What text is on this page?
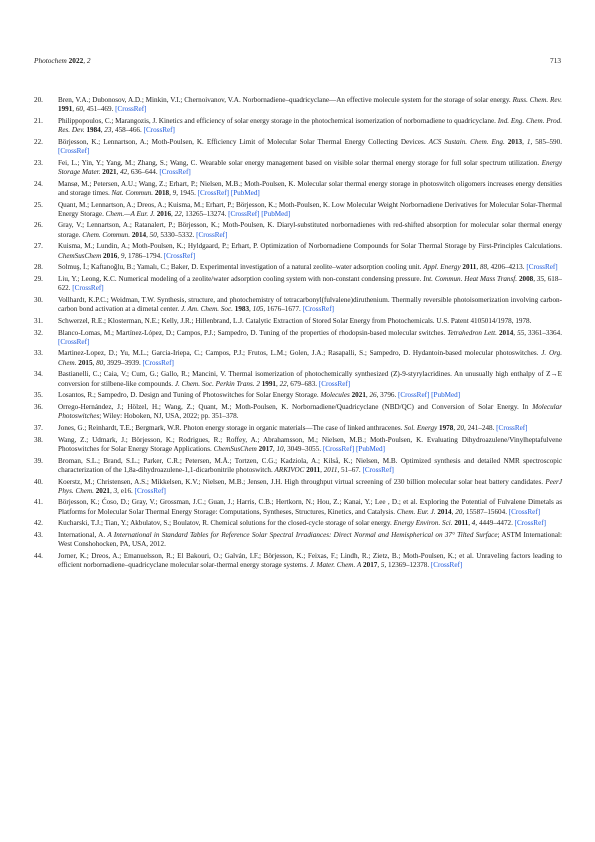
Photochem 2022, 2	713
20. Bren, V.A.; Dubonosov, A.D.; Minkin, V.I.; Chernoivanov, V.A. Norbornadiene–quadricyclane—An effective molecule system for the storage of solar energy. Russ. Chem. Rev. 1991, 60, 451–469. [CrossRef]
21. Philippopoulos, C.; Marangozis, J. Kinetics and efficiency of solar energy storage in the photochemical isomerization of norbornadiene to quadricyclane. Ind. Eng. Chem. Prod. Res. Dev. 1984, 23, 458–466. [CrossRef]
22. Börjesson, K.; Lennartson, A.; Moth-Poulsen, K. Efficiency Limit of Molecular Solar Thermal Energy Collecting Devices. ACS Sustain. Chem. Eng. 2013, 1, 585–590. [CrossRef]
23. Fei, L.; Yin, Y.; Yang, M.; Zhang, S.; Wang, C. Wearable solar energy management based on visible solar thermal energy storage for full solar spectrum utilization. Energy Storage Mater. 2021, 42, 636–644. [CrossRef]
24. Mansø, M.; Petersen, A.U.; Wang, Z.; Erhart, P.; Nielsen, M.B.; Moth-Poulsen, K. Molecular solar thermal energy storage in photoswitch oligomers increases energy densities and storage times. Nat. Commun. 2018, 9, 1945. [CrossRef] [PubMed]
25. Quant, M.; Lennartson, A.; Dreos, A.; Kuisma, M.; Erhart, P.; Börjesson, K.; Moth-Poulsen, K. Low Molecular Weight Norbornadiene Derivatives for Molecular Solar-Thermal Energy Storage. Chem.—A Eur. J. 2016, 22, 13265–13274. [CrossRef] [PubMed]
26. Gray, V.; Lennartson, A.; Ratanalert, P.; Börjesson, K.; Moth-Poulsen, K. Diaryl-substituted norbornadienes with red-shifted absorption for molecular solar thermal energy storage. Chem. Commun. 2014, 50, 5330–5332. [CrossRef]
27. Kuisma, M.; Lundin, A.; Moth-Poulsen, K.; Hyldgaard, P.; Erhart, P. Optimization of Norbornadiene Compounds for Solar Thermal Storage by First-Principles Calculations. ChemSusChem 2016, 9, 1786–1794. [CrossRef]
28. Solmuş, İ.; Kaftanoğlu, B.; Yamalı, C.; Baker, D. Experimental investigation of a natural zeolite–water adsorption cooling unit. Appl. Energy 2011, 88, 4206–4213. [CrossRef]
29. Liu, Y.; Leong, K.C. Numerical modeling of a zeolite/water adsorption cooling system with non-constant condensing pressure. Int. Commun. Heat Mass Transf. 2008, 35, 618–622. [CrossRef]
30. Vollhardt, K.P.C.; Weidman, T.W. Synthesis, structure, and photochemistry of tetracarbonyl(fulvalene)diruthenium. Thermally reversible photoisomerization involving carbon-carbon bond activation at a dimetal center. J. Am. Chem. Soc. 1983, 105, 1676–1677. [CrossRef]
31. Schwerzel, R.E.; Klosterman, N.E.; Kelly, J.R.; Hillenbrand, L.J. Catalytic Extraction of Stored Solar Energy from Photochemicals. U.S. Patent 4105014/1978, 1978.
32. Blanco-Lomas, M.; Martínez-López, D.; Campos, P.J.; Sampedro, D. Tuning of the properties of rhodopsin-based molecular switches. Tetrahedron Lett. 2014, 55, 3361–3364. [CrossRef]
33. Martinez-Lopez, D.; Yu, M.L.; Garcia-Iriepa, C.; Campos, P.J.; Frutos, L.M.; Golen, J.A.; Rasapalli, S.; Sampedro, D. Hydantoin-based molecular photoswitches. J. Org. Chem. 2015, 80, 3929–3939. [CrossRef]
34. Bastianelli, C.; Caia, V.; Cum, G.; Gallo, R.; Mancini, V. Thermal isomerization of photochemically synthesized (Z)-9-styrylacridines. An unusually high enthalpy of Z→E conversion for stilbene-like compounds. J. Chem. Soc. Perkin Trans. 2 1991, 22, 679–683. [CrossRef]
35. Losantos, R.; Sampedro, D. Design and Tuning of Photoswitches for Solar Energy Storage. Molecules 2021, 26, 3796. [CrossRef] [PubMed]
36. Orrego-Hernández, J.; Hölzel, H.; Wang, Z.; Quant, M.; Moth-Poulsen, K. Norbornadiene/Quadricyclane (NBD/QC) and Conversion of Solar Energy. In Molecular Photoswitches; Wiley: Hoboken, NJ, USA, 2022; pp. 351–378.
37. Jones, G.; Reinhardt, T.E.; Bergmark, W.R. Photon energy storage in organic materials—The case of linked anthracenes. Sol. Energy 1978, 20, 241–248. [CrossRef]
38. Wang, Z.; Udmark, J.; Börjesson, K.; Rodrigues, R.; Roffey, A.; Abrahamsson, M.; Nielsen, M.B.; Moth-Poulsen, K. Evaluating Dihydroazulene/Vinylheptafulvene Photoswitches for Solar Energy Storage Applications. ChemSusChem 2017, 10, 3049–3055. [CrossRef] [PubMed]
39. Broman, S.L.; Brand, S.L.; Parker, C.R.; Petersen, M.Å.; Tortzen, C.G.; Kadziola, A.; Kilså, K.; Nielsen, M.B. Optimized synthesis and detailed NMR spectroscopic characterization of the 1,8a-dihydroazulene-1,1-dicarbonitrile photoswitch. ARKIVOC 2011, 2011, 51–67. [CrossRef]
40. Koerstz, M.; Christensen, A.S.; Mikkelsen, K.V.; Nielsen, M.B.; Jensen, J.H. High throughput virtual screening of 230 billion molecular solar heat battery candidates. PeerJ Phys. Chem. 2021, 3, e16. [CrossRef]
41. Börjesson, K.; Ćoso, D.; Gray, V.; Grossman, J.C.; Guan, J.; Harris, C.B.; Hertkorn, N.; Hou, Z.; Kanai, Y.; Lee , D.; et al. Exploring the Potential of Fulvalene Dimetals as Platforms for Molecular Solar Thermal Energy Storage: Computations, Syntheses, Structures, Kinetics, and Catalysis. Chem. Eur. J. 2014, 20, 15587–15604. [CrossRef]
42. Kucharski, T.J.; Tian, Y.; Akbulatov, S.; Boulatov, R. Chemical solutions for the closed-cycle storage of solar energy. Energy Environ. Sci. 2011, 4, 4449–4472. [CrossRef]
43. International, A. A International in Standard Tables for Reference Solar Spectral Irradiances: Direct Normal and Hemispherical on 37° Tilted Surface; ASTM International: West Conshohocken, PA, USA, 2012.
44. Jorner, K.; Dreos, A.; Emanuelsson, R.; El Bakouri, O.; Galván, I.F.; Börjesson, K.; Feixas, F.; Lindh, R.; Zietz, B.; Moth-Poulsen, K.; et al. Unraveling factors leading to efficient norbornadiene–quadricyclane molecular solar-thermal energy storage systems. J. Mater. Chem. A 2017, 5, 12369–12378. [CrossRef]
